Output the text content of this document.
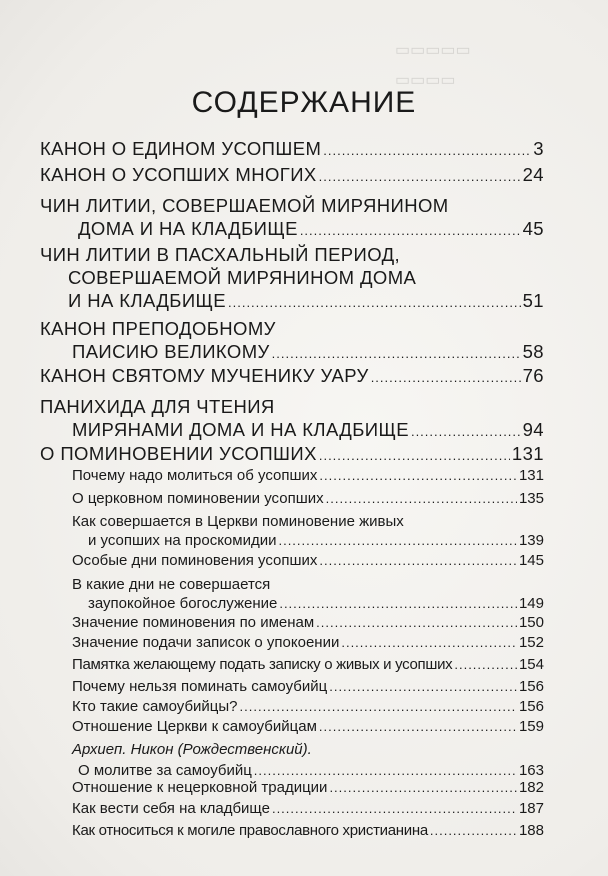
▭▭▭▭▭
▭▭▭▭
СОДЕРЖАНИЕ
КАНОН О ЕДИНОМ УСОПШЕМ .....	3
КАНОН О УСОПШИХ МНОГИХ .....	24
ЧИН ЛИТИИ, СОВЕРШАЕМОЙ МИРЯНИНОМ
ДОМА И НА КЛАДБИЩЕ .....	45
ЧИН ЛИТИИ В ПАСХАЛЬНЫЙ ПЕРИОД,
СОВЕРШАЕМОЙ МИРЯНИНОМ ДОМА
И НА КЛАДБИЩЕ .....	51
КАНОН ПРЕПОДОБНОМУ
ПАИСИЮ ВЕЛИКОМУ .....	58
КАНОН СВЯТОМУ МУЧЕНИКУ УАРУ .....	76
ПАНИХИДА ДЛЯ ЧТЕНИЯ
МИРЯНАМИ ДОМА И НА КЛАДБИЩЕ .....	94
О ПОМИНОВЕНИИ УСОПШИХ .....	131
Почему надо молиться об усопших .....	131
О церковном поминовении усопших .....	135
Как совершается в Церкви поминовение живых
и усопших на проскомидии .....	139
Особые дни поминовения усопших .....	145
В какие дни не совершается
заупокойное богослужение .....	149
Значение поминовения по именам .....	150
Значение подачи записок о упокоении .....	152
Памятка желающему подать записку о живых и усопших .....	154
Почему нельзя поминать самоубийц .....	156
Кто такие самоубийцы? .....	156
Отношение Церкви к самоубийцам .....	159
Архиеп. Никон (Рождественский).
О молитве за самоубийц .....	163
Отношение к нецерковной традиции .....	182
Как вести себя на кладбище .....	187
Как относиться к могиле православного христианина .....	188
